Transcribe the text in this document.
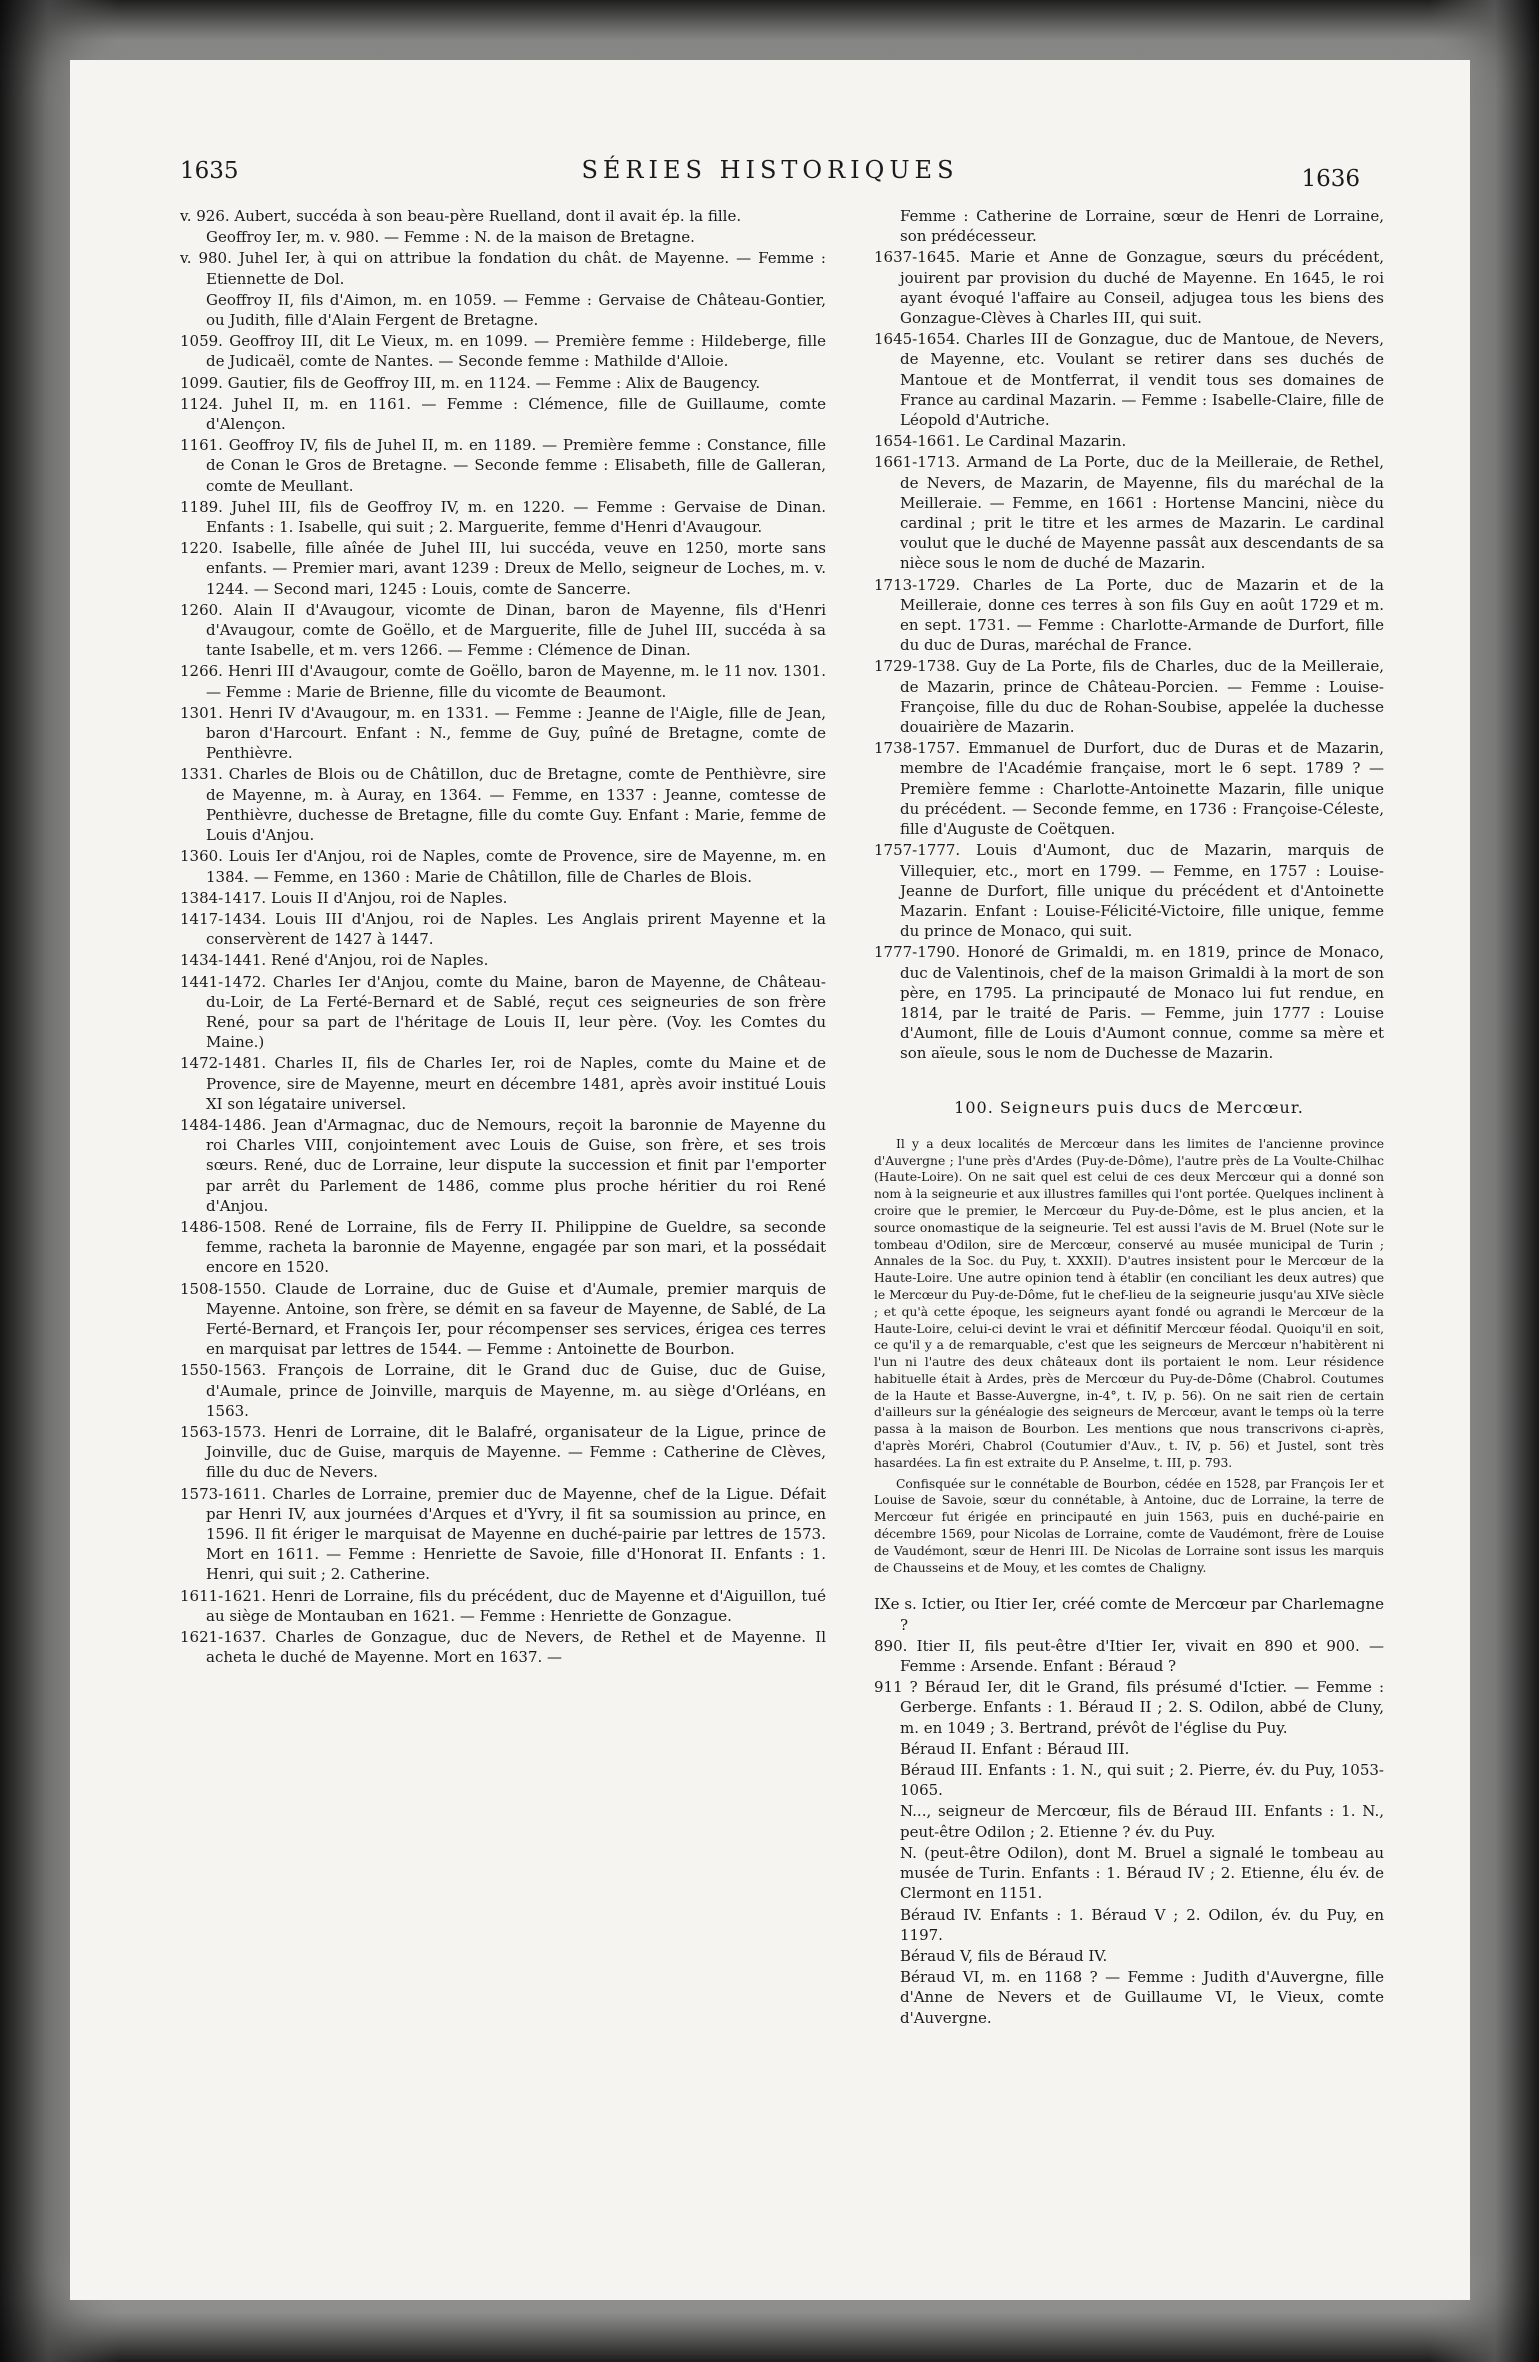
1635	SÉRIES HISTORIQUES	1636

v. 926. Aubert, succéda à son beau-père Ruelland, dont il avait ép. la fille.

Geoffroy Ier, m. v. 980. — Femme : N. de la maison de Bretagne.

v. 980. Juhel Ier, à qui on attribue la fondation du chât. de Mayenne. — Femme : Etiennette de Dol.

Geoffroy II, fils d'Aimon, m. en 1059. — Femme : Gervaise de Château-Gontier, ou Judith, fille d'Alain Fergent de Bretagne.

1059. Geoffroy III, dit Le Vieux, m. en 1099. — Première femme : Hildeberge, fille de Judicaël, comte de Nantes. — Seconde femme : Mathilde d'Alloie.

1099. Gautier, fils de Geoffroy III, m. en 1124. — Femme : Alix de Baugency.

1124. Juhel II, m. en 1161. — Femme : Clémence, fille de Guillaume, comte d'Alençon.

1161. Geoffroy IV, fils de Juhel II, m. en 1189. — Première femme : Constance, fille de Conan le Gros de Bretagne. — Seconde femme : Elisabeth, fille de Galleran, comte de Meullant.

1189. Juhel III, fils de Geoffroy IV, m. en 1220. — Femme : Gervaise de Dinan. Enfants : 1. Isabelle, qui suit ; 2. Marguerite, femme d'Henri d'Avaugour.

1220. Isabelle, fille aînée de Juhel III, lui succéda, veuve en 1250, morte sans enfants. — Premier mari, avant 1239 : Dreux de Mello, seigneur de Loches, m. v. 1244. — Second mari, 1245 : Louis, comte de Sancerre.

1260. Alain II d'Avaugour, vicomte de Dinan, baron de Mayenne, fils d'Henri d'Avaugour, comte de Goëllo, et de Marguerite, fille de Juhel III, succéda à sa tante Isabelle, et m. vers 1266. — Femme : Clémence de Dinan.

1266. Henri III d'Avaugour, comte de Goëllo, baron de Mayenne, m. le 11 nov. 1301. — Femme : Marie de Brienne, fille du vicomte de Beaumont.

1301. Henri IV d'Avaugour, m. en 1331. — Femme : Jeanne de l'Aigle, fille de Jean, baron d'Harcourt. Enfant : N., femme de Guy, puîné de Bretagne, comte de Penthièvre.

1331. Charles de Blois ou de Châtillon, duc de Bretagne, comte de Penthièvre, sire de Mayenne, m. à Auray, en 1364. — Femme, en 1337 : Jeanne, comtesse de Penthièvre, duchesse de Bretagne, fille du comte Guy. Enfant : Marie, femme de Louis d'Anjou.

1360. Louis Ier d'Anjou, roi de Naples, comte de Provence, sire de Mayenne, m. en 1384. — Femme, en 1360 : Marie de Châtillon, fille de Charles de Blois.

1384-1417. Louis II d'Anjou, roi de Naples.

1417-1434. Louis III d'Anjou, roi de Naples. Les Anglais prirent Mayenne et la conservèrent de 1427 à 1447.

1434-1441. René d'Anjou, roi de Naples.

1441-1472. Charles Ier d'Anjou, comte du Maine, baron de Mayenne, de Château-du-Loir, de La Ferté-Bernard et de Sablé, reçut ces seigneuries de son frère René, pour sa part de l'héritage de Louis II, leur père. (Voy. les Comtes du Maine.)

1472-1481. Charles II, fils de Charles Ier, roi de Naples, comte du Maine et de Provence, sire de Mayenne, meurt en décembre 1481, après avoir institué Louis XI son légataire universel.

1484-1486. Jean d'Armagnac, duc de Nemours, reçoit la baronnie de Mayenne du roi Charles VIII, conjointement avec Louis de Guise, son frère, et ses trois sœurs. René, duc de Lorraine, leur dispute la succession et finit par l'emporter par arrêt du Parlement de 1486, comme plus proche héritier du roi René d'Anjou.

1486-1508. René de Lorraine, fils de Ferry II. Philippine de Gueldre, sa seconde femme, racheta la baronnie de Mayenne, engagée par son mari, et la possédait encore en 1520.

1508-1550. Claude de Lorraine, duc de Guise et d'Aumale, premier marquis de Mayenne. Antoine, son frère, se démit en sa faveur de Mayenne, de Sablé, de La Ferté-Bernard, et François Ier, pour récompenser ses services, érigea ces terres en marquisat par lettres de 1544. — Femme : Antoinette de Bourbon.

1550-1563. François de Lorraine, dit le Grand duc de Guise, duc de Guise, d'Aumale, prince de Joinville, marquis de Mayenne, m. au siège d'Orléans, en 1563.

1563-1573. Henri de Lorraine, dit le Balafré, organisateur de la Ligue, prince de Joinville, duc de Guise, marquis de Mayenne. — Femme : Catherine de Clèves, fille du duc de Nevers.

1573-1611. Charles de Lorraine, premier duc de Mayenne, chef de la Ligue. Défait par Henri IV, aux journées d'Arques et d'Yvry, il fit sa soumission au prince, en 1596. Il fit ériger le marquisat de Mayenne en duché-pairie par lettres de 1573. Mort en 1611. — Femme : Henriette de Savoie, fille d'Honorat II. Enfants : 1. Henri, qui suit ; 2. Catherine.

1611-1621. Henri de Lorraine, fils du précédent, duc de Mayenne et d'Aiguillon, tué au siège de Montauban en 1621. — Femme : Henriette de Gonzague.

1621-1637. Charles de Gonzague, duc de Nevers, de Rethel et de Mayenne. Il acheta le duché de Mayenne. Mort en 1637. —

Femme : Catherine de Lorraine, sœur de Henri de Lorraine, son prédécesseur.

1637-1645. Marie et Anne de Gonzague, sœurs du précédent, jouirent par provision du duché de Mayenne. En 1645, le roi ayant évoqué l'affaire au Conseil, adjugea tous les biens des Gonzague-Clèves à Charles III, qui suit.

1645-1654. Charles III de Gonzague, duc de Mantoue, de Nevers, de Mayenne, etc. Voulant se retirer dans ses duchés de Mantoue et de Montferrat, il vendit tous ses domaines de France au cardinal Mazarin. — Femme : Isabelle-Claire, fille de Léopold d'Autriche.

1654-1661. Le Cardinal Mazarin.

1661-1713. Armand de La Porte, duc de la Meilleraie, de Rethel, de Nevers, de Mazarin, de Mayenne, fils du maréchal de la Meilleraie. — Femme, en 1661 : Hortense Mancini, nièce du cardinal ; prit le titre et les armes de Mazarin. Le cardinal voulut que le duché de Mayenne passât aux descendants de sa nièce sous le nom de duché de Mazarin.

1713-1729. Charles de La Porte, duc de Mazarin et de la Meilleraie, donne ces terres à son fils Guy en août 1729 et m. en sept. 1731. — Femme : Charlotte-Armande de Durfort, fille du duc de Duras, maréchal de France.

1729-1738. Guy de La Porte, fils de Charles, duc de la Meilleraie, de Mazarin, prince de Château-Porcien. — Femme : Louise-Françoise, fille du duc de Rohan-Soubise, appelée la duchesse douairière de Mazarin.

1738-1757. Emmanuel de Durfort, duc de Duras et de Mazarin, membre de l'Académie française, mort le 6 sept. 1789 ? — Première femme : Charlotte-Antoinette Mazarin, fille unique du précédent. — Seconde femme, en 1736 : Françoise-Céleste, fille d'Auguste de Coëtquen.

1757-1777. Louis d'Aumont, duc de Mazarin, marquis de Villequier, etc., mort en 1799. — Femme, en 1757 : Louise-Jeanne de Durfort, fille unique du précédent et d'Antoinette Mazarin. Enfant : Louise-Félicité-Victoire, fille unique, femme du prince de Monaco, qui suit.

1777-1790. Honoré de Grimaldi, m. en 1819, prince de Monaco, duc de Valentinois, chef de la maison Grimaldi à la mort de son père, en 1795. La principauté de Monaco lui fut rendue, en 1814, par le traité de Paris. — Femme, juin 1777 : Louise d'Aumont, fille de Louis d'Aumont connue, comme sa mère et son aïeule, sous le nom de Duchesse de Mazarin.

100. Seigneurs puis ducs de Mercœur.

Il y a deux localités de Mercœur dans les limites de l'ancienne province d'Auvergne ; l'une près d'Ardes (Puy-de-Dôme), l'autre près de La Voulte-Chilhac (Haute-Loire). On ne sait quel est celui de ces deux Mercœur qui a donné son nom à la seigneurie et aux illustres familles qui l'ont portée. Quelques inclinent à croire que le premier, le Mercœur du Puy-de-Dôme, est le plus ancien, et la source onomastique de la seigneurie. Tel est aussi l'avis de M. Bruel (Note sur le tombeau d'Odilon, sire de Mercœur, conservé au musée municipal de Turin ; Annales de la Soc. du Puy, t. XXXII). D'autres insistent pour le Mercœur de la Haute-Loire. Une autre opinion tend à établir (en conciliant les deux autres) que le Mercœur du Puy-de-Dôme, fut le chef-lieu de la seigneurie jusqu'au XIVe siècle ; et qu'à cette époque, les seigneurs ayant fondé ou agrandi le Mercœur de la Haute-Loire, celui-ci devint le vrai et définitif Mercœur féodal. Quoiqu'il en soit, ce qu'il y a de remarquable, c'est que les seigneurs de Mercœur n'habitèrent ni l'un ni l'autre des deux châteaux dont ils portaient le nom. Leur résidence habituelle était à Ardes, près de Mercœur du Puy-de-Dôme (Chabrol. Coutumes de la Haute et Basse-Auvergne, in-4°, t. IV, p. 56). On ne sait rien de certain d'ailleurs sur la généalogie des seigneurs de Mercœur, avant le temps où la terre passa à la maison de Bourbon. Les mentions que nous transcrivons ci-après, d'après Moréri, Chabrol (Coutumier d'Auv., t. IV, p. 56) et Justel, sont très hasardées. La fin est extraite du P. Anselme, t. III, p. 793.

Confisquée sur le connétable de Bourbon, cédée en 1528, par François Ier et Louise de Savoie, sœur du connétable, à Antoine, duc de Lorraine, la terre de Mercœur fut érigée en principauté en juin 1563, puis en duché-pairie en décembre 1569, pour Nicolas de Lorraine, comte de Vaudémont, frère de Louise de Vaudémont, sœur de Henri III. De Nicolas de Lorraine sont issus les marquis de Chausseins et de Mouy, et les comtes de Chaligny.

IXe s. Ictier, ou Itier Ier, créé comte de Mercœur par Charlemagne ?

890. Itier II, fils peut-être d'Itier Ier, vivait en 890 et 900. — Femme : Arsende. Enfant : Béraud ?

911 ? Béraud Ier, dit le Grand, fils présumé d'Ictier. — Femme : Gerberge. Enfants : 1. Béraud II ; 2. S. Odilon, abbé de Cluny, m. en 1049 ; 3. Bertrand, prévôt de l'église du Puy.

Béraud II. Enfant : Béraud III.

Béraud III. Enfants : 1. N., qui suit ; 2. Pierre, év. du Puy, 1053-1065.

N..., seigneur de Mercœur, fils de Béraud III. Enfants : 1. N., peut-être Odilon ; 2. Etienne ? év. du Puy.

N. (peut-être Odilon), dont M. Bruel a signalé le tombeau au musée de Turin. Enfants : 1. Béraud IV ; 2. Etienne, élu év. de Clermont en 1151.

Béraud IV. Enfants : 1. Béraud V ; 2. Odilon, év. du Puy, en 1197.

Béraud V, fils de Béraud IV.

Béraud VI, m. en 1168 ? — Femme : Judith d'Auvergne, fille d'Anne de Nevers et de Guillaume VI, le Vieux, comte d'Auvergne.
